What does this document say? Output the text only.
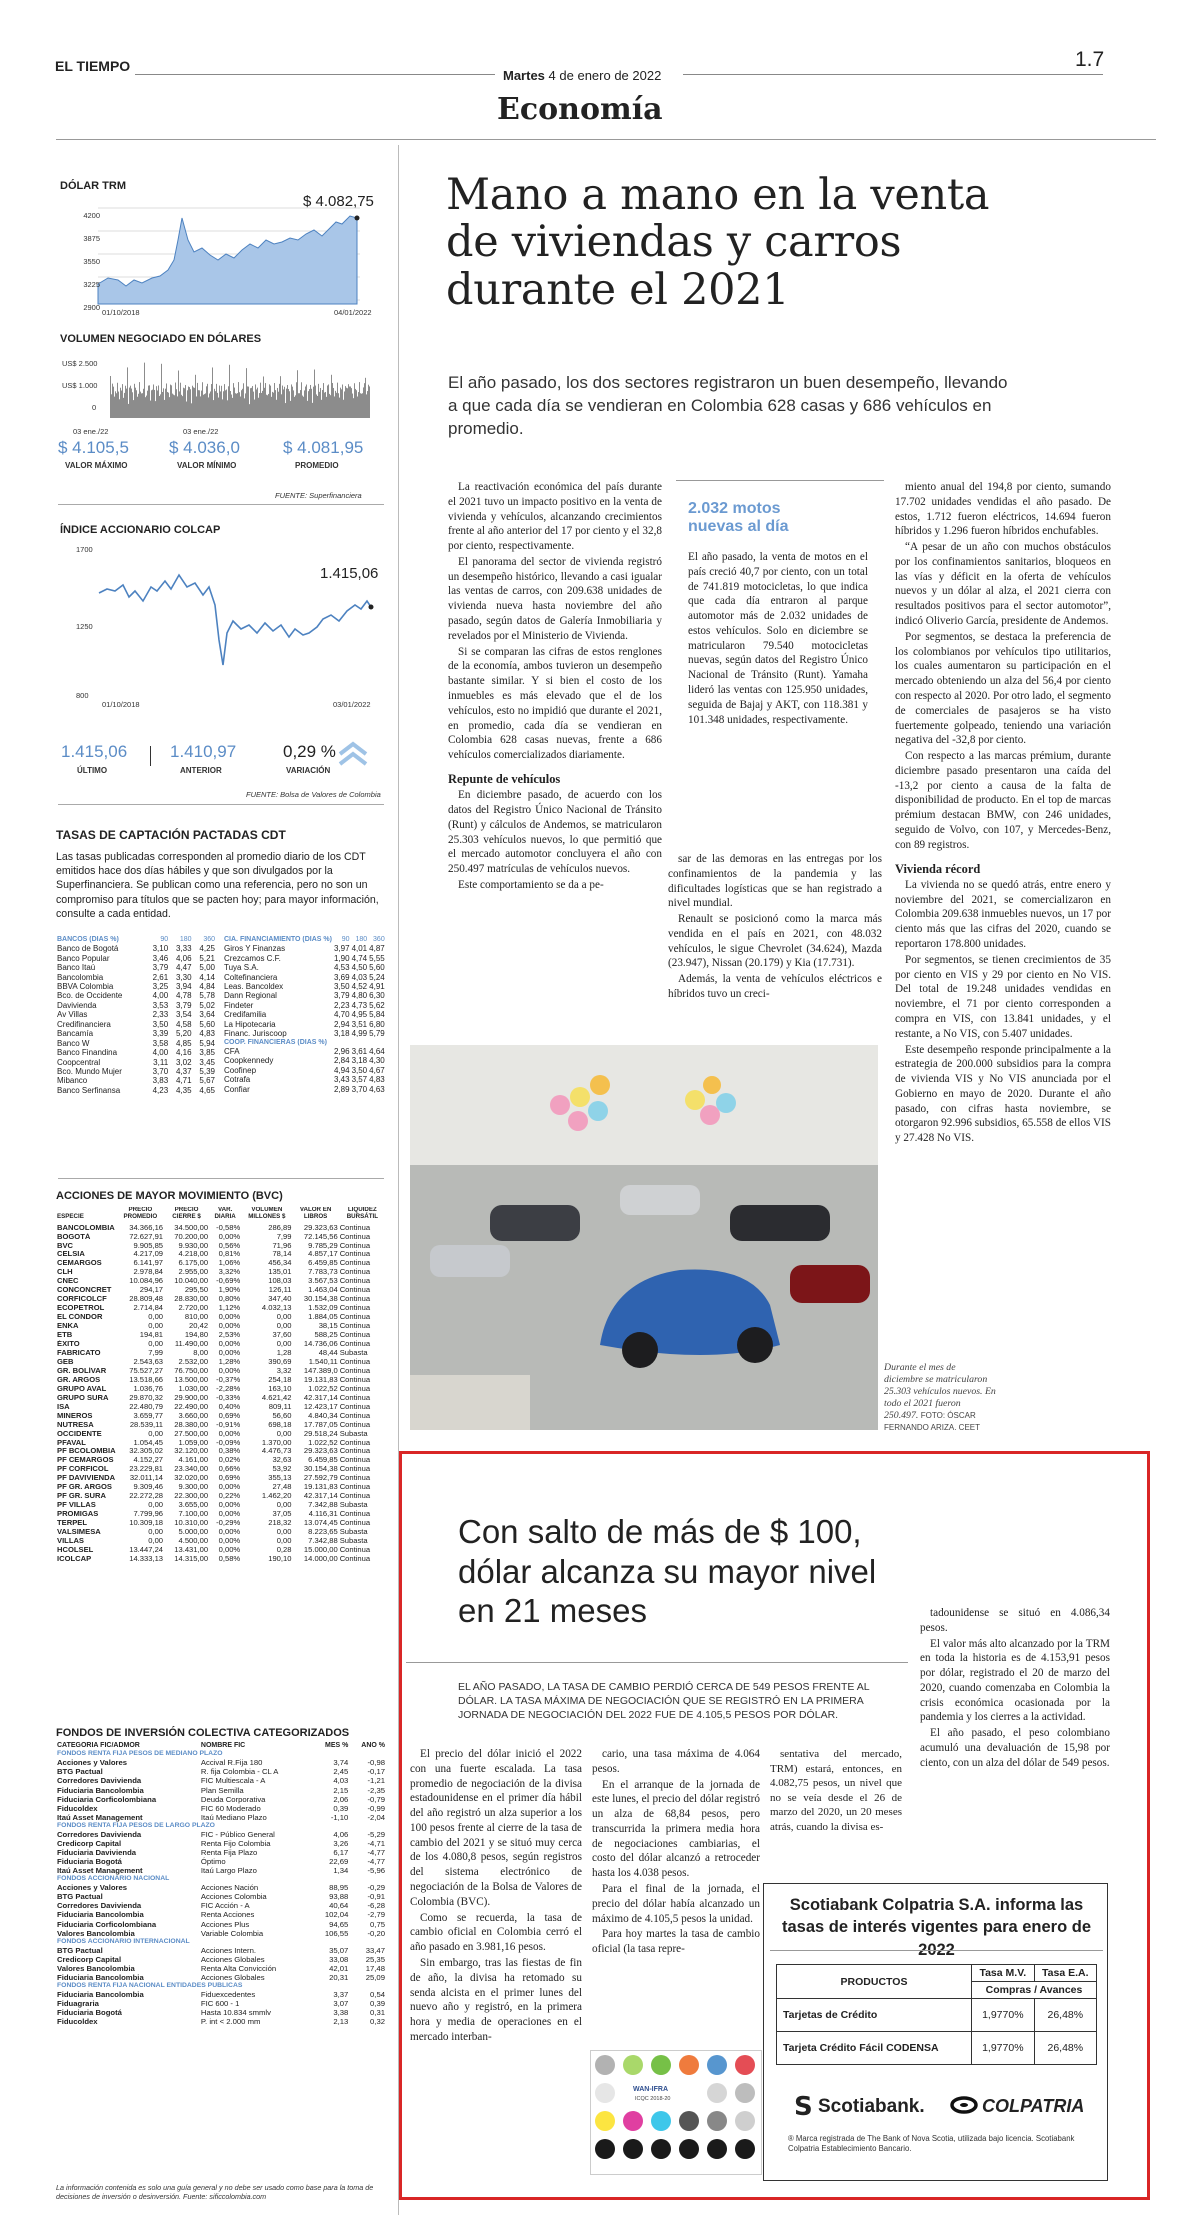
EL TIEMPO
Martes 4 de enero de 2022
1.7
Economía
DÓLAR TRM
$ 4.082,75
01/10/2018	04/01/2022
4200
3875
3550
3225
2900
VOLUMEN NEGOCIADO EN DÓLARES
US$ 2.500
US$ 1.000
0
03 ene./22
$ 4.105,5
VALOR MÁXIMO
03 ene./22
$ 4.036,0
VALOR MÍNIMO
$ 4.081,95
PROMEDIO
FUENTE: Superfinanciera
ÍNDICE ACCIONARIO COLCAP
1.415,06
1700
1250
800
01/10/2018	03/01/2022
1.415,06
ÚLTIMO
1.410,97
ANTERIOR
0,29 %
VARIACIÓN
FUENTE: Bolsa de Valores de Colombia
TASAS DE CAPTACIÓN PACTADAS CDT
Las tasas publicadas corresponden al promedio diario de los CDT emitidos hace dos días hábiles y que son divulgados por la Superfinanciera. Se publican como una referencia, pero no son un compromiso para títulos que se pacten hoy; para mayor información, consulte a cada entidad.
BANCOS (DÍAS %)	90	180	360
Banco de Bogotá	3,10	3,33	4,25
Banco Popular	3,46	4,06	5,21
Banco Itaú	3,79	4,47	5,00
Bancolombia	2,61	3,30	4,14
BBVA Colombia	3,25	3,94	4,84
Bco. de Occidente	4,00	4,78	5,78
Davivienda	3,53	3,79	5,02
Av Villas	2,33	3,54	3,64
Credifinanciera	3,50	4,58	5,60
Bancamía	3,39	5,20	4,83
Banco W	3,58	4,85	5,94
Banco Finandina	4,00	4,16	3,85
Coopcentral	3,11	3,02	3,45
Bco. Mundo Mujer	3,70	4,37	5,39
Mibanco	3,83	4,71	5,67
Banco Serfinansa	4,23	4,35	4,65
CIA. FINANCIAMIENTO (DÍAS %)	90	180	360
Giros Y Finanzas	3,97	4,01	4,87
Crezcamos C.F.	1,90	4,74	5,55
Tuya S.A.	4,53	4,50	5,60
Coltefinanciera	3,69	4,03	5,24
Leas. Bancoldex	3,50	4,52	4,91
Dann Regional	3,79	4,80	6,30
Findeter	2,23	4,73	5,62
Credifamilia	4,70	4,95	5,84
La Hipotecaria	2,94	3,51	6,80
Financ. Juriscoop	3,18	4,99	5,79
COOP. FINANCIERAS (DÍAS %)			
CFA	2,96	3,61	4,64
Coopkennedy	2,84	3,18	4,30
Coofinep	4,94	3,50	4,67
Cotrafa	3,43	3,57	4,83
Confiar	2,89	3,70	4,63
ACCIONES DE MAYOR MOVIMIENTO (BVC)
ESPECIE	PRECIO PROMEDIO	PRECIO CIERRE $	VAR. DIARIA	VOLUMEN MILLONES $	VALOR EN LIBROS	LIQUIDEZ BURSÁTIL
BANCOLOMBIA	34.366,16	34.500,00	-0,58%	286,89	29.323,63	Continua
BOGOTÁ	72.627,91	70.200,00	0,00%	7,99	72.145,56	Continua
BVC	9.905,85	9.930,00	0,56%	71,96	9.785,29	Continua
CELSIA	4.217,09	4.218,00	0,81%	78,14	4.857,17	Continua
CEMARGOS	6.141,97	6.175,00	1,06%	456,34	6.459,85	Continua
CLH	2.978,84	2.955,00	3,32%	135,01	7.783,73	Continua
CNEC	10.084,96	10.040,00	-0,69%	108,03	3.567,53	Continua
CONCONCRET	294,17	295,50	1,90%	126,11	1.463,04	Continua
CORFICOLCF	28.809,48	28.830,00	0,80%	347,40	30.154,38	Continua
ECOPETROL	2.714,84	2.720,00	1,12%	4.032,13	1.532,09	Continua
EL CÓNDOR	0,00	810,00	0,00%	0,00	1.884,05	Continua
ENKA	0,00	20,42	0,00%	0,00	38,15	Continua
ETB	194,81	194,80	2,53%	37,60	588,25	Continua
ÉXITO	0,00	11.490,00	0,00%	0,00	14.736,06	Continua
FABRICATO	7,99	8,00	0,00%	1,28	48,44	Subasta
GEB	2.543,63	2.532,00	1,28%	390,69	1.540,11	Continua
GR. BOLÍVAR	75.527,27	76.750,00	0,00%	3,32	147.389,0	Continua
GR. ARGOS	13.518,66	13.500,00	-0,37%	254,18	19.131,83	Continua
GRUPO AVAL	1.036,76	1.030,00	-2,28%	163,10	1.022,52	Continua
GRUPO SURA	29.870,32	29.900,00	-0,33%	4.621,42	42.317,14	Continua
ISA	22.480,79	22.490,00	0,40%	809,11	12.423,17	Continua
MINEROS	3.659,77	3.660,00	0,69%	56,60	4.840,34	Continua
NUTRESA	28.539,11	28.380,00	-0,91%	698,18	17.787,05	Continua
OCCIDENTE	0,00	27.500,00	0,00%	0,00	29.518,24	Subasta
PFAVAL	1.054,45	1.059,00	-0,09%	1.370,00	1.022,52	Continua
PF BCOLOMBIA	32.305,02	32.120,00	0,38%	4.476,73	29.323,63	Continua
PF CEMARGOS	4.152,27	4.161,00	0,02%	32,63	6.459,85	Continua
PF CORFICOL	23.229,81	23.340,00	0,66%	53,92	30.154,38	Continua
PF DAVIVIENDA	32.011,14	32.020,00	0,69%	355,13	27.592,79	Continua
PF GR. ARGOS	9.309,46	9.300,00	0,00%	27,48	19.131,83	Continua
PF GR. SURA	22.272,28	22.300,00	0,22%	1.462,20	42.317,14	Continua
PF VILLAS	0,00	3.655,00	0,00%	0,00	7.342,88	Subasta
PROMIGAS	7.799,96	7.100,00	0,00%	37,05	4.116,31	Continua
TERPEL	10.309,18	10.310,00	-0,29%	218,32	13.074,45	Continua
VALSIMESA	0,00	5.000,00	0,00%	0,00	8.223,65	Subasta
VILLAS	0,00	4.500,00	0,00%	0,00	7.342,88	Subasta
HCOLSEL	13.447,24	13.431,00	0,00%	0,28	15.000,00	Continua
ICOLCAP	14.333,13	14.315,00	0,58%	190,10	14.000,00	Continua
FONDOS DE INVERSIÓN COLECTIVA CATEGORIZADOS
CATEGORÍA FIC/ADMOR	NOMBRE FIC	MES %	AÑO %
FONDOS RENTA FIJA PESOS DE MEDIANO PLAZO			
Acciones y Valores	Accival R.Fija 180	3,74	-0,98
BTG Pactual	R. fija Colombia - CL A	2,45	-0,17
Corredores Davivienda	FIC Multiescala - A	4,03	-1,21
Fiduciaria Bancolombia	Plan Semilla	2,15	-2,35
Fiduciaria Corficolombiana	Deuda Corporativa	2,06	-0,79
Fiducoldex	FIC 60 Moderado	0,39	-0,99
Itaú Asset Management	Itaú Mediano Plazo	-1,10	-2,04
FONDOS RENTA FIJA PESOS DE LARGO PLAZO			
Corredores Davivienda	FIC - Público General	4,06	-5,29
Credicorp Capital	Renta Fijo Colombia	3,26	-4,71
Fiduciaria Davivienda	Renta Fija Plazo	6,17	-4,77
Fiduciaria Bogotá	Óptimo	22,69	-4,77
Itaú Asset Management	Itaú Largo Plazo	1,34	-5,96
FONDOS ACCIONARIO NACIONAL			
Acciones y Valores	Acciones Nación	88,95	-0,29
BTG Pactual	Acciones Colombia	93,88	-0,91
Corredores Davivienda	FIC Acción - A	40,64	-6,28
Fiduciaria Bancolombia	Renta Acciones	102,04	-2,79
Fiduciaria Corficolombiana	Acciones Plus	94,65	0,75
Valores Bancolombia	Variable Colombia	106,55	-0,20
FONDOS ACCIONARIO INTERNACIONAL			
BTG Pactual	Acciones Intern.	35,07	33,47
Credicorp Capital	Acciones Globales	33,08	25,35
Valores Bancolombia	Renta Alta Convicción	42,01	17,48
Fiduciaria Bancolombia	Acciones Globales	20,31	25,09
FONDOS RENTA FIJA NACIONAL ENTIDADES PÚBLICAS			
Fiduciaria Bancolombia	Fiduexcedentes	3,37	0,54
Fiduagraria	FIC 600 - 1	3,07	0,39
Fiduciaria Bogotá	Hasta 10.834 smmlv	3,38	0,31
Fiducoldex	P. int < 2.000 mm	2,13	0,32
La información contenida es solo una guía general y no debe ser usado como base para la toma de decisiones de inversión o desinversión. Fuente: sificcolombia.com
Mano a mano en la venta de viviendas y carros durante el 2021
El año pasado, los dos sectores registraron un buen desempeño, llevando a que cada día se vendieran en Colombia 628 casas y 686 vehículos en promedio.

La reactivación económica del país durante el 2021 tuvo un impacto positivo en la venta de vivienda y vehículos, alcanzando crecimientos frente al año anterior del 17 por ciento y el 32,8 por ciento, respectivamente.

El panorama del sector de vivienda registró un desempeño histórico, llevando a casi igualar las ventas de carros, con 209.638 unidades de vivienda nueva hasta noviembre del año pasado, según datos de Galería Inmobiliaria y revelados por el Ministerio de Vivienda.

Si se comparan las cifras de estos renglones de la economía, ambos tuvieron un desempeño bastante similar. Y si bien el costo de los inmuebles es más elevado que el de los vehículos, esto no impidió que durante el 2021, en promedio, cada día se vendieran en Colombia 628 casas nuevas, frente a 686 vehículos comercializados diariamente.

Repunte de vehículos

En diciembre pasado, de acuerdo con los datos del Registro Único Nacional de Tránsito (Runt) y cálculos de Andemos, se matricularon 25.303 vehículos nuevos, lo que permitió que el mercado automotor concluyera el año con 250.497 matrículas de vehículos nuevos.

Este comportamiento se da a pe-

2.032 motos nuevas al día
El año pasado, la venta de motos en el país creció 40,7 por ciento, con un total de 741.819 motocicletas, lo que indica que cada día entraron al parque automotor más de 2.032 unidades de estos vehículos. Solo en diciembre se matricularon 79.540 motocicletas nuevas, según datos del Registro Único Nacional de Tránsito (Runt). Yamaha lideró las ventas con 125.950 unidades, seguida de Bajaj y AKT, con 118.381 y 101.348 unidades, respectivamente.

sar de las demoras en las entregas por los confinamientos de la pandemia y las dificultades logísticas que se han registrado a nivel mundial.

Renault se posicionó como la marca más vendida en el país en 2021, con 48.032 vehículos, le sigue Chevrolet (34.624), Mazda (23.947), Nissan (20.179) y Kia (17.731).

Además, la venta de vehículos eléctricos e híbridos tuvo un creci-

miento anual del 194,8 por ciento, sumando 17.702 unidades vendidas el año pasado. De estos, 1.712 fueron eléctricos, 14.694 fueron híbridos y 1.296 fueron híbridos enchufables.

“A pesar de un año con muchos obstáculos por los confinamientos sanitarios, bloqueos en las vías y déficit en la oferta de vehículos nuevos y un dólar al alza, el 2021 cierra con resultados positivos para el sector automotor”, indicó Oliverio García, presidente de Andemos.

Por segmentos, se destaca la preferencia de los colombianos por vehículos tipo utilitarios, los cuales aumentaron su participación en el mercado obteniendo un alza del 56,4 por ciento con respecto al 2020. Por otro lado, el segmento de comerciales de pasajeros se ha visto fuertemente golpeado, teniendo una variación negativa del -32,8 por ciento.

Con respecto a las marcas prémium, durante diciembre pasado presentaron una caída del -13,2 por ciento a causa de la falta de disponibilidad de producto. En el top de marcas prémium destacan BMW, con 246 unidades, seguido de Volvo, con 107, y Mercedes-Benz, con 89 registros.

Vivienda récord

La vivienda no se quedó atrás, entre enero y noviembre del 2021, se comercializaron en Colombia 209.638 inmuebles nuevos, un 17 por ciento más que las cifras del 2020, cuando se reportaron 178.800 unidades.

Por segmentos, se tienen crecimientos de 35 por ciento en VIS y 29 por ciento en No VIS. Del total de 19.248 unidades vendidas en noviembre, el 71 por ciento corresponden a compra en VIS, con 13.841 unidades, y el restante, a No VIS, con 5.407 unidades.

Este desempeño responde principalmente a la estrategia de 200.000 subsidios para la compra de vivienda VIS y No VIS anunciada por el Gobierno en mayo de 2020. Durante el año pasado, con cifras hasta noviembre, se otorgaron 92.996 subsidios, 65.558 de ellos VIS y 27.428 No VIS.

Durante el mes de diciembre se matricularon 25.303 vehículos nuevos. En todo el 2021 fueron 250.497. FOTO: ÓSCAR FERNANDO ARIZA. CEET
Con salto de más de $ 100, dólar alcanza su mayor nivel en 21 meses
EL AÑO PASADO, LA TASA DE CAMBIO PERDIÓ CERCA DE 549 PESOS FRENTE AL DÓLAR. LA TASA MÁXIMA DE NEGOCIACIÓN QUE SE REGISTRÓ EN LA PRIMERA JORNADA DE NEGOCIACIÓN DEL 2022 FUE DE 4.105,5 PESOS POR DÓLAR.

tadounidense se situó en 4.086,34 pesos.

El valor más alto alcanzado por la TRM en toda la historia es de 4.153,91 pesos por dólar, registrado el 20 de marzo del 2020, cuando comenzaba en Colombia la crisis económica ocasionada por la pandemia y los cierres a la actividad.

El año pasado, el peso colombiano acumuló una devaluación de 15,98 por ciento, con un alza del dólar de 549 pesos.

El precio del dólar inició el 2022 con una fuerte escalada. La tasa promedio de negociación de la divisa estadounidense en el primer día hábil del año registró un alza superior a los 100 pesos frente al cierre de la tasa de cambio del 2021 y se situó muy cerca de los 4.080,8 pesos, según registros del sistema electrónico de negociación de la Bolsa de Valores de Colombia (BVC).

Como se recuerda, la tasa de cambio oficial en Colombia cerró el año pasado en 3.981,16 pesos.

Sin embargo, tras las fiestas de fin de año, la divisa ha retomado su senda alcista en el primer lunes del nuevo año y registró, en la primera hora y media de operaciones en el mercado interban-

cario, una tasa máxima de 4.064 pesos.

En el arranque de la jornada de este lunes, el precio del dólar registró un alza de 68,84 pesos, pero transcurrida la primera media hora de negociaciones cambiarias, el costo del dólar alcanzó a retroceder hasta los 4.038 pesos.

Para el final de la jornada, el precio del dólar había alcanzado un máximo de 4.105,5 pesos la unidad.

Para hoy martes la tasa de cambio oficial (la tasa repre-

sentativa del mercado, TRM) estará, entonces, en 4.082,75 pesos, un nivel que no se veía desde el 26 de marzo del 2020, un 20 meses atrás, cuando la divisa es-

WAN-IFRA
ICQC 2018-20
Scotiabank Colpatria S.A. informa las tasas de interés vigentes para enero de 2022
PRODUCTOS	Tasa M.V.	Tasa E.A.
	Compras / Avances	
Tarjetas de Crédito	1,9770%	26,48%
Tarjeta Crédito Fácil CODENSA	1,9770%	26,48%
S Scotiabank.	COLPATRIA
® Marca registrada de The Bank of Nova Scotia, utilizada bajo licencia. Scotiabank Colpatria Establecimiento Bancario.
